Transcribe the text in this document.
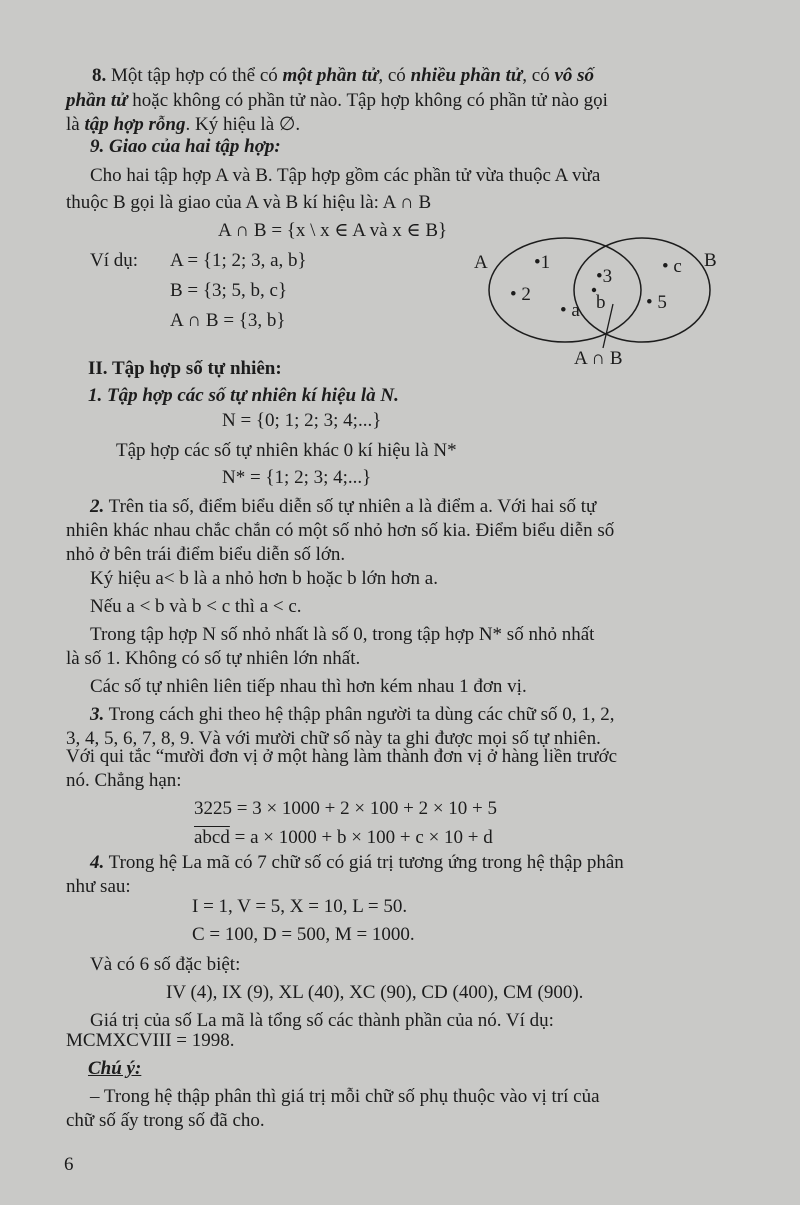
8. Một tập hợp có thể có một phần tử, có nhiều phần tử, có vô số

phần tử hoặc không có phần tử nào. Tập hợp không có phần tử nào gọi

là tập hợp rỗng. Ký hiệu là ∅.

9. Giao của hai tập hợp:

Cho hai tập hợp A và B. Tập hợp gồm các phần tử vừa thuộc A vừa

thuộc B gọi là giao của A và B kí hiệu là: A ∩ B

A ∩ B = {x \ x ∈ A và x ∈ B}

Ví dụ: A = {1; 2; 3, a, b}

B = {3; 5, b, c}

A ∩ B = {3, b}

A	B
•1
• 2
• a
•3
b
• c
• 5
A ∩ B

II. Tập hợp số tự nhiên:

1. Tập hợp các số tự nhiên kí hiệu là N.

N = {0; 1; 2; 3; 4;...}

Tập hợp các số tự nhiên khác 0 kí hiệu là N*

N* = {1; 2; 3; 4;...}

2. Trên tia số, điểm biểu diễn số tự nhiên a là điểm a. Với hai số tự

nhiên khác nhau chắc chắn có một số nhỏ hơn số kia. Điểm biểu diễn số

nhỏ ở bên trái điểm biểu diễn số lớn.

Ký hiệu a< b là a nhỏ hơn b hoặc b lớn hơn a.

Nếu a < b và b < c thì a < c.

Trong tập hợp N số nhỏ nhất là số 0, trong tập hợp N* số nhỏ nhất

là số 1. Không có số tự nhiên lớn nhất.

Các số tự nhiên liên tiếp nhau thì hơn kém nhau 1 đơn vị.

3. Trong cách ghi theo hệ thập phân người ta dùng các chữ số 0, 1, 2,

3, 4, 5, 6, 7, 8, 9. Và với mười chữ số này ta ghi được mọi số tự nhiên.

Với qui tắc “mười đơn vị ở một hàng làm thành đơn vị ở hàng liền trước

nó. Chẳng hạn:

3225 = 3 × 1000 + 2 × 100 + 2 × 10 + 5

abcd = a × 1000 + b × 100 + c × 10 + d

4. Trong hệ La mã có 7 chữ số có giá trị tương ứng trong hệ thập phân

như sau:

I = 1, V = 5, X = 10, L = 50.

C = 100, D = 500, M = 1000.

Và có 6 số đặc biệt:

IV (4), IX (9), XL (40), XC (90), CD (400), CM (900).

Giá trị của số La mã là tổng số các thành phần của nó. Ví dụ:

MCMXCVIII = 1998.

Chú ý:

– Trong hệ thập phân thì giá trị mỗi chữ số phụ thuộc vào vị trí của

chữ số ấy trong số đã cho.

6
